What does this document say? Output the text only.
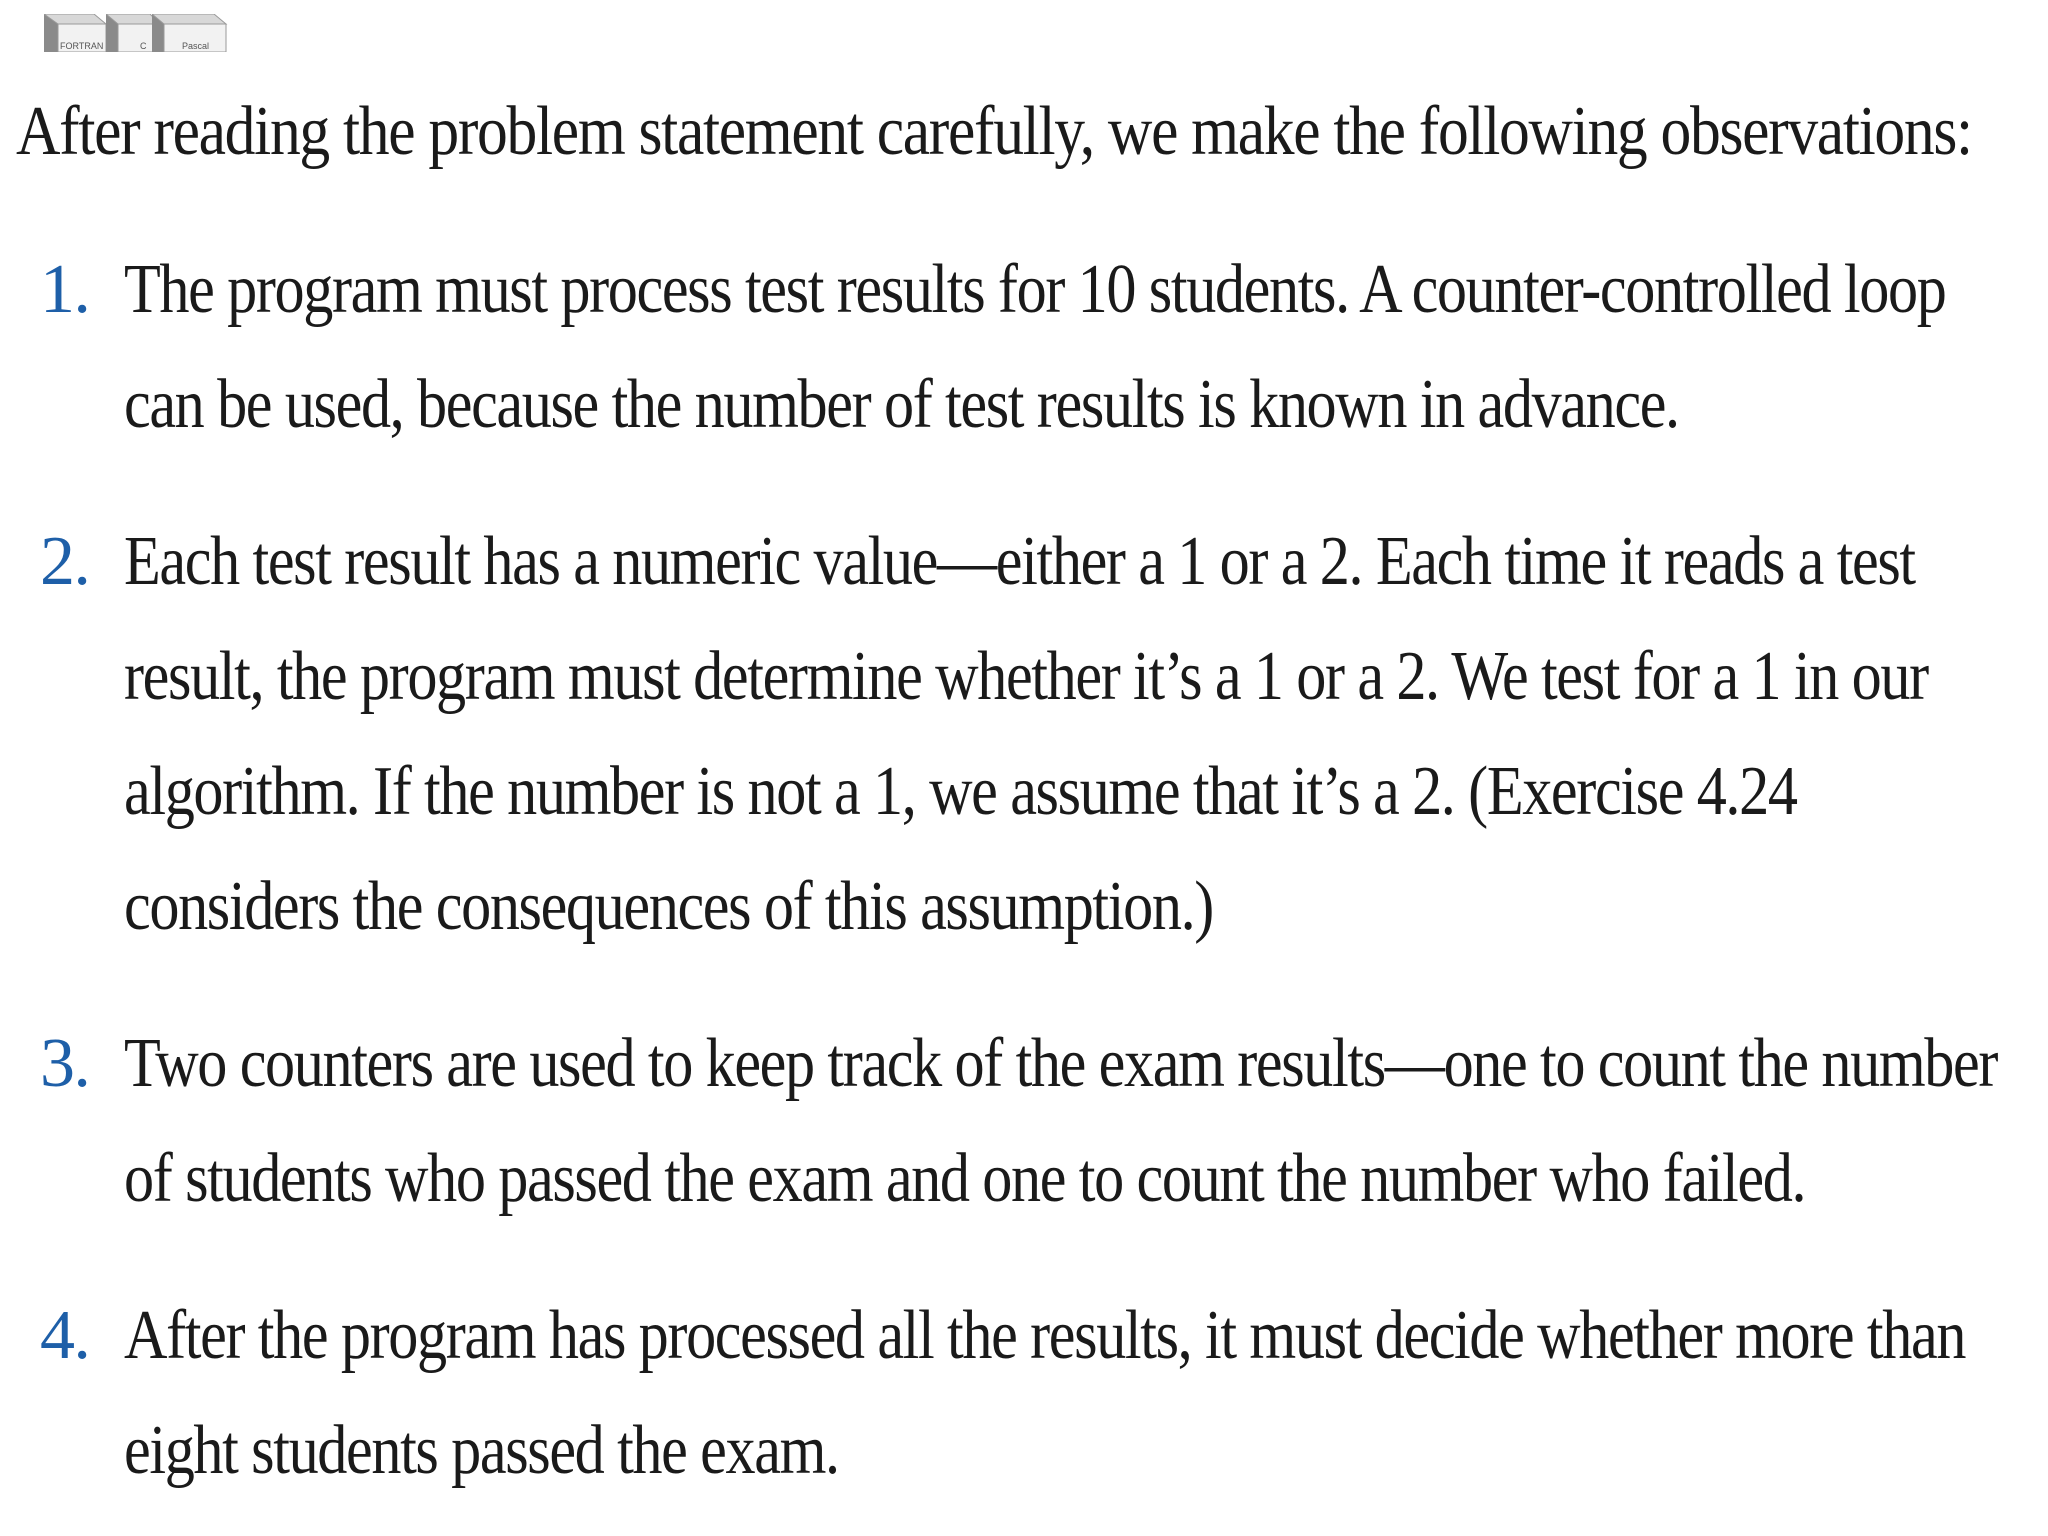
FORTRAN	C	Pascal
After reading the problem statement carefully, we make the following observations:
1. The program must process test results for 10 students. A counter-controlled loop can be used, because the number of test results is known in advance.
2. Each test result has a numeric value—either a 1 or a 2. Each time it reads a test result, the program must determine whether it’s a 1 or a 2. We test for a 1 in our algorithm. If the number is not a 1, we assume that it’s a 2. (Exercise 4.24 considers the consequences of this assumption.)
3. Two counters are used to keep track of the exam results—one to count the number of students who passed the exam and one to count the number who failed.
4. After the program has processed all the results, it must decide whether more than eight students passed the exam.
